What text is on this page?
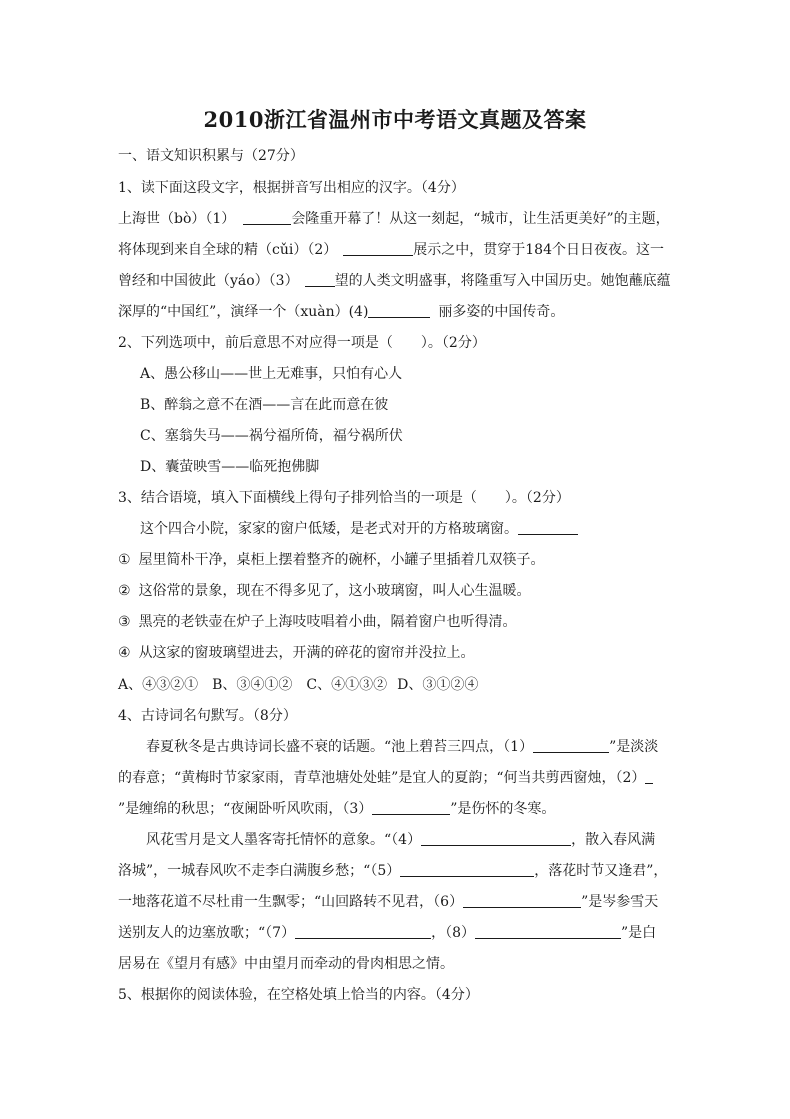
2010浙江省温州市中考语文真题及答案
一、语文知识积累与（27分）
1、读下面这段文字，根据拼音写出相应的汉字。（4分）
上海世（bò）（1）	会隆重开幕了！从这一刻起，“城市，让生活更美好”的主题，
将体现到来自全球的精（cǔi）（2）	展示之中，贯穿于184个日日夜夜。这一
曾经和中国彼此（yáo）（3）	望的人类文明盛事，将隆重写入中国历史。她饱蘸底蕴
深厚的“中国红”，演绎一个（xuàn）(4)	丽多姿的中国传奇。
2、下列选项中，前后意思不对应得一项是（　　）。（2分）
A、愚公移山——世上无难事，只怕有心人
B、醉翁之意不在酒——言在此而意在彼
C、塞翁失马——祸兮福所倚，福兮祸所伏
D、囊萤映雪——临死抱佛脚
3、结合语境，填入下面横线上得句子排列恰当的一项是（　　）。（2分）
这个四合小院，家家的窗户低矮，是老式对开的方格玻璃窗。
① 屋里简朴干净，桌柜上摆着整齐的碗杯，小罐子里插着几双筷子。
② 这俗常的景象，现在不得多见了，这小玻璃窗，叫人心生温暖。
③ 黑亮的老铁壶在炉子上海吱吱唱着小曲，隔着窗户也听得清。
④ 从这家的窗玻璃望进去，开满的碎花的窗帘并没拉上。
A、④③②① B、③④①② C、④①③② D、③①②④
4、古诗词名句默写。（8分）
春夏秋冬是古典诗词长盛不衰的话题。“池上碧苔三四点，（1）	”是淡淡
的春意；“黄梅时节家家雨，青草池塘处处蛙”是宜人的夏韵；“何当共剪西窗烛，（2）
”是缠绵的秋思；“夜阑卧听风吹雨，（3）	”是伤怀的冬寒。
风花雪月是文人墨客寄托情怀的意象。“（4）	，散入春风满
洛城”，一城春风吹不走李白满腹乡愁；“（5）	，落花时节又逢君”，
一地落花道不尽杜甫一生飘零；“山回路转不见君，（6）	”是岑参雪天
送别友人的边塞放歌；“（7）	，（8）	”是白
居易在《望月有感》中由望月而牵动的骨肉相思之情。
5、根据你的阅读体验，在空格处填上恰当的内容。（4分）
